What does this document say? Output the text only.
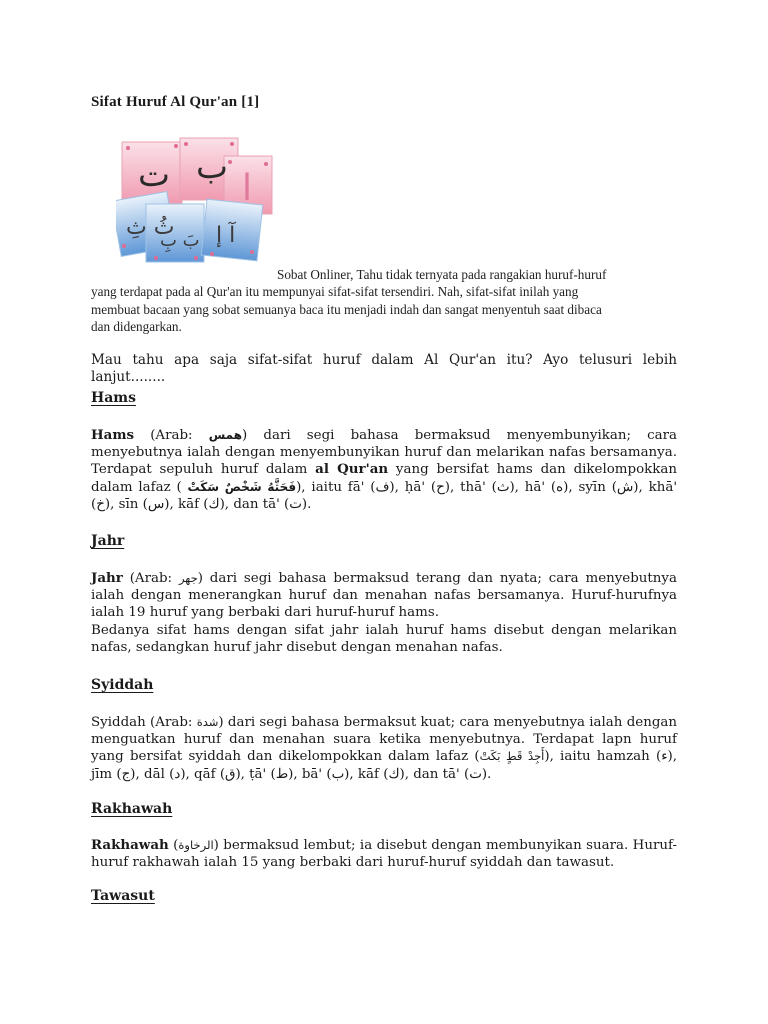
Sifat Huruf Al Qur'an [1]
ت ب
ا
ثُ ثِ
بَ بِ آ إ
Sobat Onliner, Tahu tidak ternyata pada rangakian huruf-huruf
yang terdapat pada al Qur'an itu mempunyai sifat-sifat tersendiri. Nah, sifat-sifat inilah yang
membuat bacaan yang sobat semuanya baca itu menjadi indah dan sangat menyentuh saat dibaca
dan didengarkan.
Mau tahu apa saja sifat-sifat huruf dalam Al Qur'an itu? Ayo telusuri lebih lanjut........
Hams
Hams (Arab: همس) dari segi bahasa bermaksud menyembunyikan; cara menyebutnya ialah dengan menyembunyikan huruf dan melarikan nafas bersamanya. Terdapat sepuluh huruf dalam al Qur'an yang bersifat hams dan dikelompokkan dalam lafaz ( فَحَثَّهُ شَخْصٌ سَكَتْ), iaitu fā' (ف), ḥā' (ح), thā' (ث), hā' (ه), syīn (ش), khā' (خ), sīn (س), kāf (ك), dan tā' (ت).
Jahr
Jahr (Arab: جهر) dari segi bahasa bermaksud terang dan nyata; cara menyebutnya ialah dengan menerangkan huruf dan menahan nafas bersamanya. Huruf-hurufnya ialah 19 huruf yang berbaki dari huruf-huruf hams.
Bedanya sifat hams dengan sifat jahr ialah huruf hams disebut dengan melarikan nafas, sedangkan huruf jahr disebut dengan menahan nafas.
Syiddah
Syiddah (Arab: شدة) dari segi bahasa bermaksut kuat; cara menyebutnya ialah dengan menguatkan huruf dan menahan suara ketika menyebutnya. Terdapat lapn huruf yang bersifat syiddah dan dikelompokkan dalam lafaz (أَجِدْ قَطٍ بَكَتْ), iaitu hamzah (ء), jīm (ج), dāl (د), qāf (ق), ṭā' (ط), bā' (ب), kāf (ك), dan tā' (ت).
Rakhawah
Rakhawah (الرخاوة) bermaksud lembut; ia disebut dengan membunyikan suara. Huruf-huruf rakhawah ialah 15 yang berbaki dari huruf-huruf syiddah dan tawasut.
Tawasut
